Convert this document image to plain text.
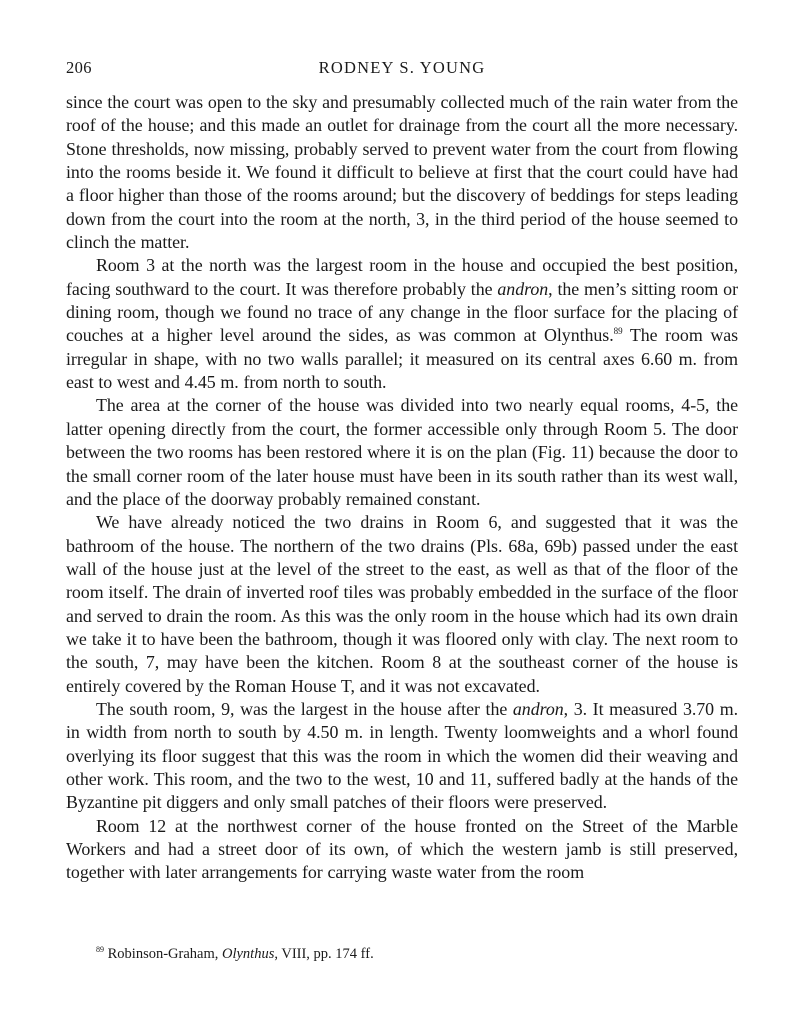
206	RODNEY S. YOUNG

since the court was open to the sky and presumably collected much of the rain water from the roof of the house; and this made an outlet for drainage from the court all the more necessary. Stone thresholds, now missing, probably served to prevent water from the court from flowing into the rooms beside it. We found it difficult to believe at first that the court could have had a floor higher than those of the rooms around; but the discovery of beddings for steps leading down from the court into the room at the north, 3, in the third period of the house seemed to clinch the matter.

Room 3 at the north was the largest room in the house and occupied the best position, facing southward to the court. It was therefore probably the andron, the men’s sitting room or dining room, though we found no trace of any change in the floor surface for the placing of couches at a higher level around the sides, as was common at Olynthus.$^{89}$ The room was irregular in shape, with no two walls parallel; it measured on its central axes 6.60 m. from east to west and 4.45 m. from north to south.

The area at the corner of the house was divided into two nearly equal rooms, 4-5, the latter opening directly from the court, the former accessible only through Room 5. The door between the two rooms has been restored where it is on the plan (Fig. 11) because the door to the small corner room of the later house must have been in its south rather than its west wall, and the place of the doorway probably remained constant.

We have already noticed the two drains in Room 6, and suggested that it was the bathroom of the house. The northern of the two drains (Pls. 68a, 69b) passed under the east wall of the house just at the level of the street to the east, as well as that of the floor of the room itself. The drain of inverted roof tiles was probably embedded in the surface of the floor and served to drain the room. As this was the only room in the house which had its own drain we take it to have been the bathroom, though it was floored only with clay. The next room to the south, 7, may have been the kitchen. Room 8 at the southeast corner of the house is entirely covered by the Roman House T, and it was not excavated.

The south room, 9, was the largest in the house after the andron, 3. It measured 3.70 m. in width from north to south by 4.50 m. in length. Twenty loomweights and a whorl found overlying its floor suggest that this was the room in which the women did their weaving and other work. This room, and the two to the west, 10 and 11, suffered badly at the hands of the Byzantine pit diggers and only small patches of their floors were preserved.

Room 12 at the northwest corner of the house fronted on the Street of the Marble Workers and had a street door of its own, of which the western jamb is still preserved, together with later arrangements for carrying waste water from the room

$^{89}$ Robinson-Graham, Olynthus, VIII, pp. 174 ff.
